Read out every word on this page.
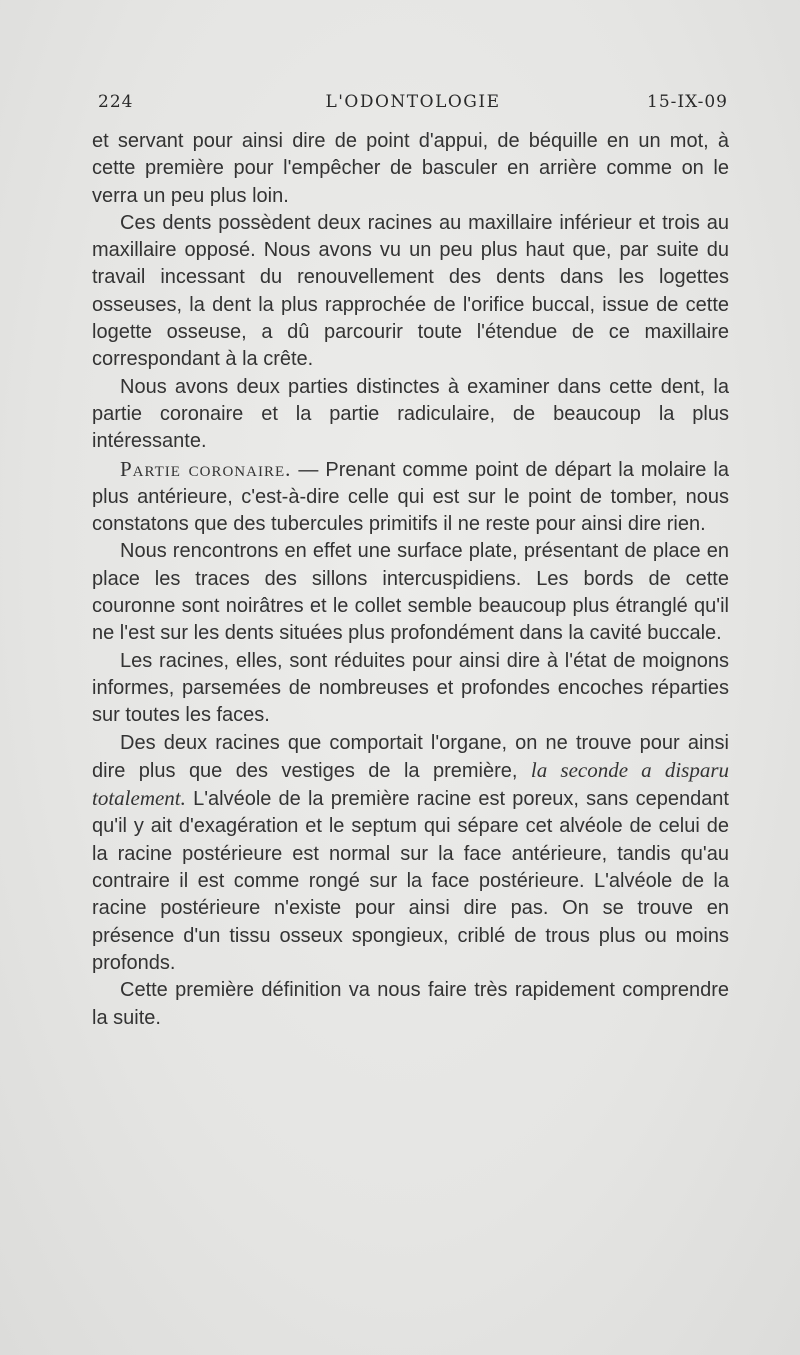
224	L'ODONTOLOGIE	15-IX-09

et servant pour ainsi dire de point d'appui, de béquille en un mot, à cette première pour l'empêcher de basculer en arrière comme on le verra un peu plus loin.

Ces dents possèdent deux racines au maxillaire inférieur et trois au maxillaire opposé. Nous avons vu un peu plus haut que, par suite du travail incessant du renouvellement des dents dans les logettes osseuses, la dent la plus rapprochée de l'orifice buccal, issue de cette logette osseuse, a dû parcourir toute l'étendue de ce maxillaire correspondant à la crête.

Nous avons deux parties distinctes à examiner dans cette dent, la partie coronaire et la partie radiculaire, de beaucoup la plus intéressante.

Partie coronaire. — Prenant comme point de départ la molaire la plus antérieure, c'est-à-dire celle qui est sur le point de tomber, nous constatons que des tubercules primitifs il ne reste pour ainsi dire rien.

Nous rencontrons en effet une surface plate, présentant de place en place les traces des sillons intercuspidiens. Les bords de cette couronne sont noirâtres et le collet semble beaucoup plus étranglé qu'il ne l'est sur les dents situées plus profondément dans la cavité buccale.

Les racines, elles, sont réduites pour ainsi dire à l'état de moignons informes, parsemées de nombreuses et profondes encoches réparties sur toutes les faces.

Des deux racines que comportait l'organe, on ne trouve pour ainsi dire plus que des vestiges de la première, la seconde a disparu totalement. L'alvéole de la première racine est poreux, sans cependant qu'il y ait d'exagération et le septum qui sépare cet alvéole de celui de la racine postérieure est normal sur la face antérieure, tandis qu'au contraire il est comme rongé sur la face postérieure. L'alvéole de la racine postérieure n'existe pour ainsi dire pas. On se trouve en présence d'un tissu osseux spongieux, criblé de trous plus ou moins profonds.

Cette première définition va nous faire très rapidement comprendre la suite.
